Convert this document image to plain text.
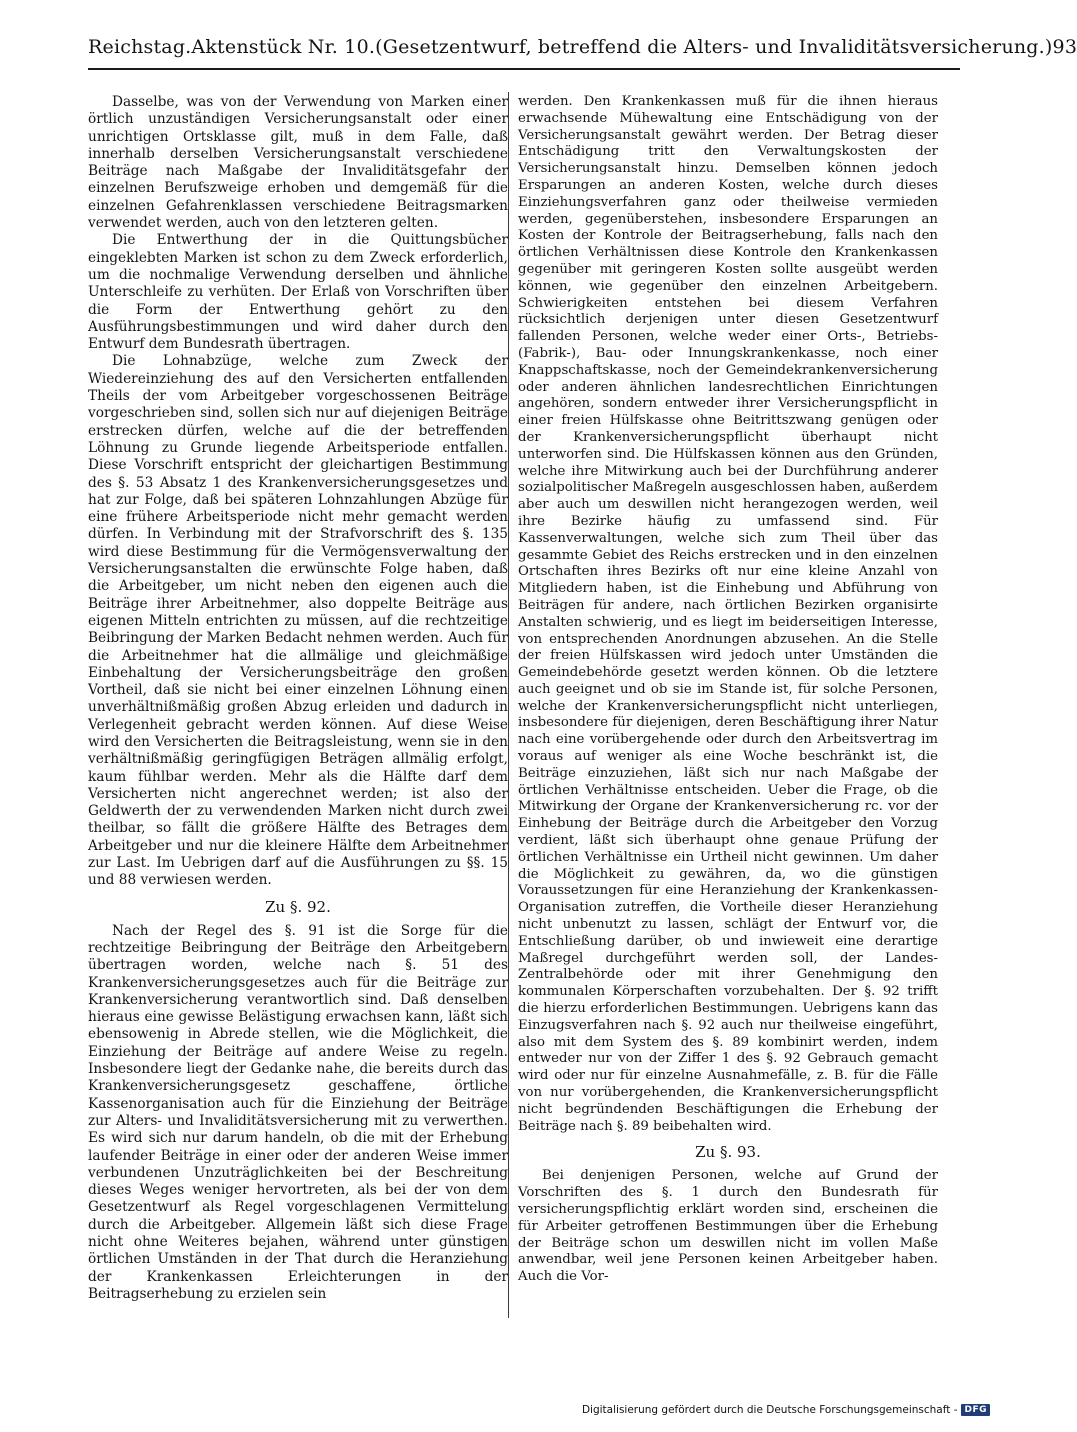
Reichstag. Aktenstück Nr. 10. (Gesetzentwurf, betreffend die Alters- und Invaliditätsversicherung.) 93

Dasselbe, was von der Verwendung von Marken einer örtlich unzuständigen Versicherungsanstalt oder einer unrichtigen Ortsklasse gilt, muß in dem Falle, daß innerhalb derselben Versicherungsanstalt verschiedene Beiträge nach Maßgabe der Invaliditätsgefahr der einzelnen Berufszweige erhoben und demgemäß für die einzelnen Gefahrenklassen verschiedene Beitragsmarken verwendet werden, auch von den letzteren gelten.

Die Entwerthung der in die Quittungsbücher eingeklebten Marken ist schon zu dem Zweck erforderlich, um die nochmalige Verwendung derselben und ähnliche Unterschleife zu verhüten. Der Erlaß von Vorschriften über die Form der Entwerthung gehört zu den Ausführungsbestimmungen und wird daher durch den Entwurf dem Bundesrath übertragen.

Die Lohnabzüge, welche zum Zweck der Wiedereinziehung des auf den Versicherten entfallenden Theils der vom Arbeitgeber vorgeschossenen Beiträge vorgeschrieben sind, sollen sich nur auf diejenigen Beiträge erstrecken dürfen, welche auf die der betreffenden Löhnung zu Grunde liegende Arbeitsperiode entfallen. Diese Vorschrift entspricht der gleichartigen Bestimmung des §. 53 Absatz 1 des Krankenversicherungsgesetzes und hat zur Folge, daß bei späteren Lohnzahlungen Abzüge für eine frühere Arbeitsperiode nicht mehr gemacht werden dürfen. In Verbindung mit der Strafvorschrift des §. 135 wird diese Bestimmung für die Vermögensverwaltung der Versicherungsanstalten die erwünschte Folge haben, daß die Arbeitgeber, um nicht neben den eigenen auch die Beiträge ihrer Arbeitnehmer, also doppelte Beiträge aus eigenen Mitteln entrichten zu müssen, auf die rechtzeitige Beibringung der Marken Bedacht nehmen werden. Auch für die Arbeitnehmer hat die allmälige und gleichmäßige Einbehaltung der Versicherungsbeiträge den großen Vortheil, daß sie nicht bei einer einzelnen Löhnung einen unverhältnißmäßig großen Abzug erleiden und dadurch in Verlegenheit gebracht werden können. Auf diese Weise wird den Versicherten die Beitragsleistung, wenn sie in den verhältnißmäßig geringfügigen Beträgen allmälig erfolgt, kaum fühlbar werden. Mehr als die Hälfte darf dem Versicherten nicht angerechnet werden; ist also der Geldwerth der zu verwendenden Marken nicht durch zwei theilbar, so fällt die größere Hälfte des Betrages dem Arbeitgeber und nur die kleinere Hälfte dem Arbeitnehmer zur Last. Im Uebrigen darf auf die Ausführungen zu §§. 15 und 88 verwiesen werden.

Zu §. 92.

Nach der Regel des §. 91 ist die Sorge für die rechtzeitige Beibringung der Beiträge den Arbeitgebern übertragen worden, welche nach §. 51 des Krankenversicherungsgesetzes auch für die Beiträge zur Krankenversicherung verantwortlich sind. Daß denselben hieraus eine gewisse Belästigung erwachsen kann, läßt sich ebensowenig in Abrede stellen, wie die Möglichkeit, die Einziehung der Beiträge auf andere Weise zu regeln. Insbesondere liegt der Gedanke nahe, die bereits durch das Krankenversicherungsgesetz geschaffene, örtliche Kassenorganisation auch für die Einziehung der Beiträge zur Alters- und Invaliditätsversicherung mit zu verwerthen. Es wird sich nur darum handeln, ob die mit der Erhebung laufender Beiträge in einer oder der anderen Weise immer verbundenen Unzuträglichkeiten bei der Beschreitung dieses Weges weniger hervortreten, als bei der von dem Gesetzentwurf als Regel vorgeschlagenen Vermittelung durch die Arbeitgeber. Allgemein läßt sich diese Frage nicht ohne Weiteres bejahen, während unter günstigen örtlichen Umständen in der That durch die Heranziehung der Krankenkassen Erleichterungen in der Beitragserhebung zu erzielen sein

werden. Den Krankenkassen muß für die ihnen hieraus erwachsende Mühewaltung eine Entschädigung von der Versicherungsanstalt gewährt werden. Der Betrag dieser Entschädigung tritt den Verwaltungskosten der Versicherungsanstalt hinzu. Demselben können jedoch Ersparungen an anderen Kosten, welche durch dieses Einziehungsverfahren ganz oder theilweise vermieden werden, gegenüberstehen, insbesondere Ersparungen an Kosten der Kontrole der Beitragserhebung, falls nach den örtlichen Verhältnissen diese Kontrole den Krankenkassen gegenüber mit geringeren Kosten sollte ausgeübt werden können, wie gegenüber den einzelnen Arbeitgebern. Schwierigkeiten entstehen bei diesem Verfahren rücksichtlich derjenigen unter diesen Gesetzentwurf fallenden Personen, welche weder einer Orts-, Betriebs- (Fabrik-), Bau- oder Innungskrankenkasse, noch einer Knappschaftskasse, noch der Gemeindekrankenversicherung oder anderen ähnlichen landesrechtlichen Einrichtungen angehören, sondern entweder ihrer Versicherungspflicht in einer freien Hülfskasse ohne Beitrittszwang genügen oder der Krankenversicherungspflicht überhaupt nicht unterworfen sind. Die Hülfskassen können aus den Gründen, welche ihre Mitwirkung auch bei der Durchführung anderer sozialpolitischer Maßregeln ausgeschlossen haben, außerdem aber auch um deswillen nicht herangezogen werden, weil ihre Bezirke häufig zu umfassend sind. Für Kassenverwaltungen, welche sich zum Theil über das gesammte Gebiet des Reichs erstrecken und in den einzelnen Ortschaften ihres Bezirks oft nur eine kleine Anzahl von Mitgliedern haben, ist die Einhebung und Abführung von Beiträgen für andere, nach örtlichen Bezirken organisirte Anstalten schwierig, und es liegt im beiderseitigen Interesse, von entsprechenden Anordnungen abzusehen. An die Stelle der freien Hülfskassen wird jedoch unter Umständen die Gemeindebehörde gesetzt werden können. Ob die letztere auch geeignet und ob sie im Stande ist, für solche Personen, welche der Krankenversicherungspflicht nicht unterliegen, insbesondere für diejenigen, deren Beschäftigung ihrer Natur nach eine vorübergehende oder durch den Arbeitsvertrag im voraus auf weniger als eine Woche beschränkt ist, die Beiträge einzuziehen, läßt sich nur nach Maßgabe der örtlichen Verhältnisse entscheiden. Ueber die Frage, ob die Mitwirkung der Organe der Krankenversicherung rc. vor der Einhebung der Beiträge durch die Arbeitgeber den Vorzug verdient, läßt sich überhaupt ohne genaue Prüfung der örtlichen Verhältnisse ein Urtheil nicht gewinnen. Um daher die Möglichkeit zu gewähren, da, wo die günstigen Voraussetzungen für eine Heranziehung der Krankenkassen-Organisation zutreffen, die Vortheile dieser Heranziehung nicht unbenutzt zu lassen, schlägt der Entwurf vor, die Entschließung darüber, ob und inwieweit eine derartige Maßregel durchgeführt werden soll, der Landes-Zentralbehörde oder mit ihrer Genehmigung den kommunalen Körperschaften vorzubehalten. Der §. 92 trifft die hierzu erforderlichen Bestimmungen. Uebrigens kann das Einzugsverfahren nach §. 92 auch nur theilweise eingeführt, also mit dem System des §. 89 kombinirt werden, indem entweder nur von der Ziffer 1 des §. 92 Gebrauch gemacht wird oder nur für einzelne Ausnahmefälle, z. B. für die Fälle von nur vorübergehenden, die Krankenversicherungspflicht nicht begründenden Beschäftigungen die Erhebung der Beiträge nach §. 89 beibehalten wird.

Zu §. 93.

Bei denjenigen Personen, welche auf Grund der Vorschriften des §. 1 durch den Bundesrath für versicherungspflichtig erklärt worden sind, erscheinen die für Arbeiter getroffenen Bestimmungen über die Erhebung der Beiträge schon um deswillen nicht im vollen Maße anwendbar, weil jene Personen keinen Arbeitgeber haben. Auch die Vor-

Digitalisierung gefördert durch die Deutsche Forschungsgemeinschaft - DFG
